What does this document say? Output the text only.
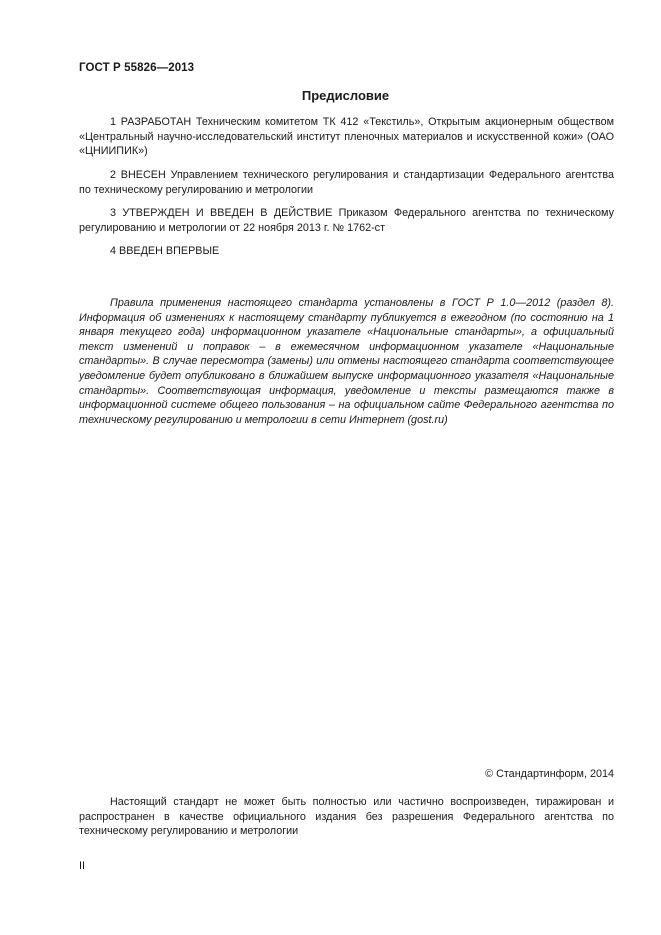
ГОСТ Р 55826—2013
Предисловие
1 РАЗРАБОТАН Техническим комитетом ТК 412 «Текстиль», Открытым акционерным обществом «Центральный научно-исследовательский институт пленочных материалов и искусственной кожи» (ОАО «ЦНИИПИК»)
2 ВНЕСЕН Управлением технического регулирования и стандартизации Федерального агентства по техническому регулированию и метрологии
3 УТВЕРЖДЕН И ВВЕДЕН В ДЕЙСТВИЕ Приказом Федерального агентства по техническому регулированию и метрологии от 22 ноября 2013 г. № 1762-ст
4 ВВЕДЕН ВПЕРВЫЕ
Правила применения настоящего стандарта установлены в ГОСТ Р 1.0—2012 (раздел 8). Информация об изменениях к настоящему стандарту публикуется в ежегодном (по состоянию на 1 января текущего года) информационном указателе «Национальные стандарты», а официальный текст изменений и поправок – в ежемесячном информационном указателе «Национальные стандарты». В случае пересмотра (замены) или отмены настоящего стандарта соответствующее уведомление будет опубликовано в ближайшем выпуске информационного указателя «Национальные стандарты». Соответствующая информация, уведомление и тексты размещаются также в информационной системе общего пользования – на официальном сайте Федерального агентства по техническому регулированию и метрологии в сети Интернет (gost.ru)
© Стандартинформ, 2014
Настоящий стандарт не может быть полностью или частично воспроизведен, тиражирован и распространен в качестве официального издания без разрешения Федерального агентства по техническому регулированию и метрологии
II
